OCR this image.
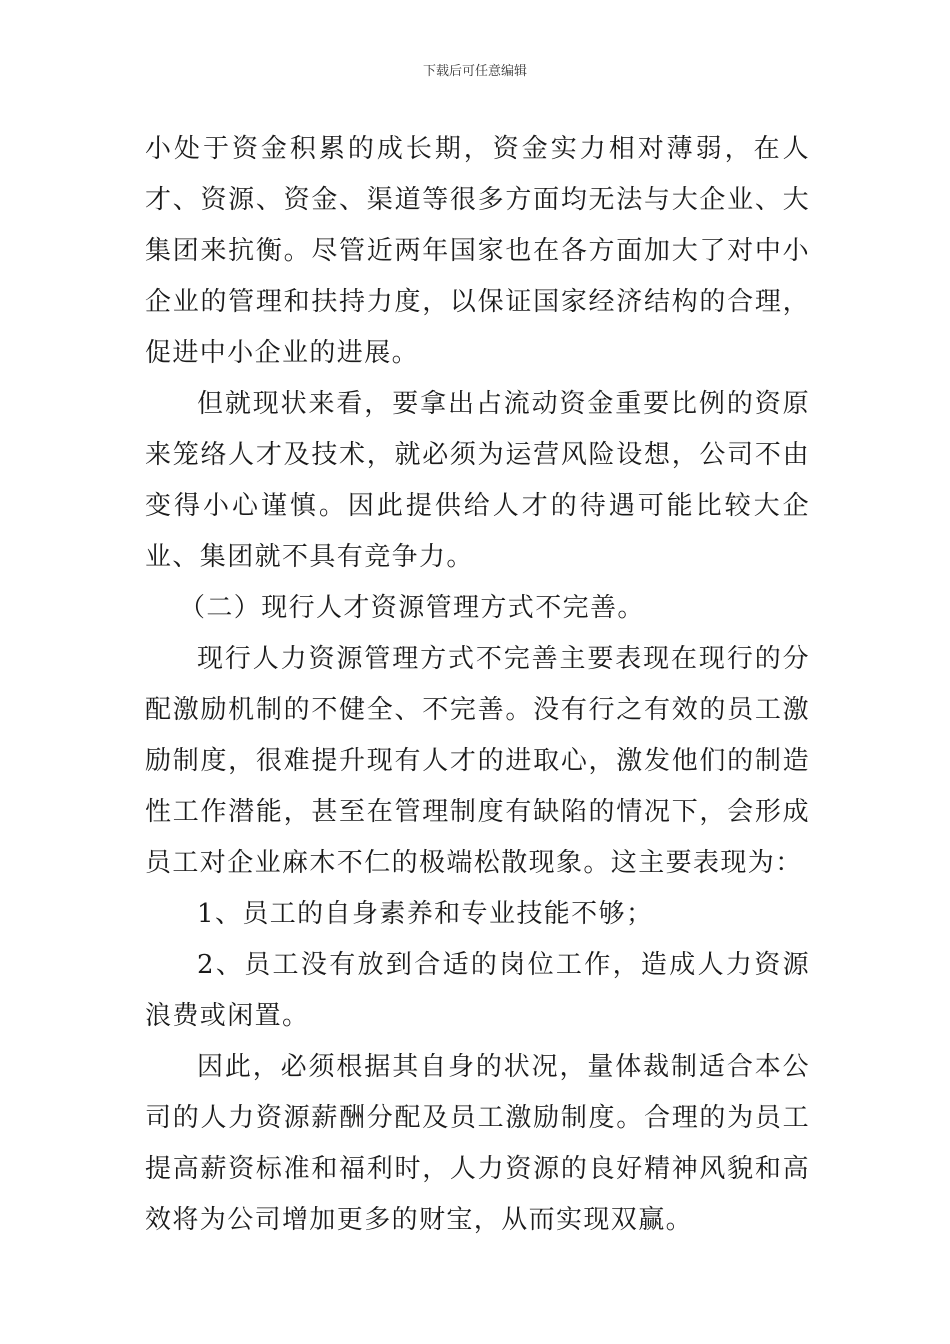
下载后可任意编辑

小处于资金积累的成长期，资金实力相对薄弱，在人才、资源、资金、渠道等很多方面均无法与大企业、大集团来抗衡。尽管近两年国家也在各方面加大了对中小企业的管理和扶持力度，以保证国家经济结构的合理，促进中小企业的进展。

但就现状来看，要拿出占流动资金重要比例的资原来笼络人才及技术，就必须为运营风险设想，公司不由变得小心谨慎。因此提供给人才的待遇可能比较大企业、集团就不具有竞争力。

（二）现行人才资源管理方式不完善。

现行人力资源管理方式不完善主要表现在现行的分配激励机制的不健全、不完善。没有行之有效的员工激励制度，很难提升现有人才的进取心，激发他们的制造性工作潜能，甚至在管理制度有缺陷的情况下，会形成员工对企业麻木不仁的极端松散现象。这主要表现为：

1、员工的自身素养和专业技能不够；

2、员工没有放到合适的岗位工作，造成人力资源浪费或闲置。

因此，必须根据其自身的状况，量体裁制适合本公司的人力资源薪酬分配及员工激励制度。合理的为员工提高薪资标准和福利时，人力资源的良好精神风貌和高效将为公司增加更多的财宝，从而实现双赢。
